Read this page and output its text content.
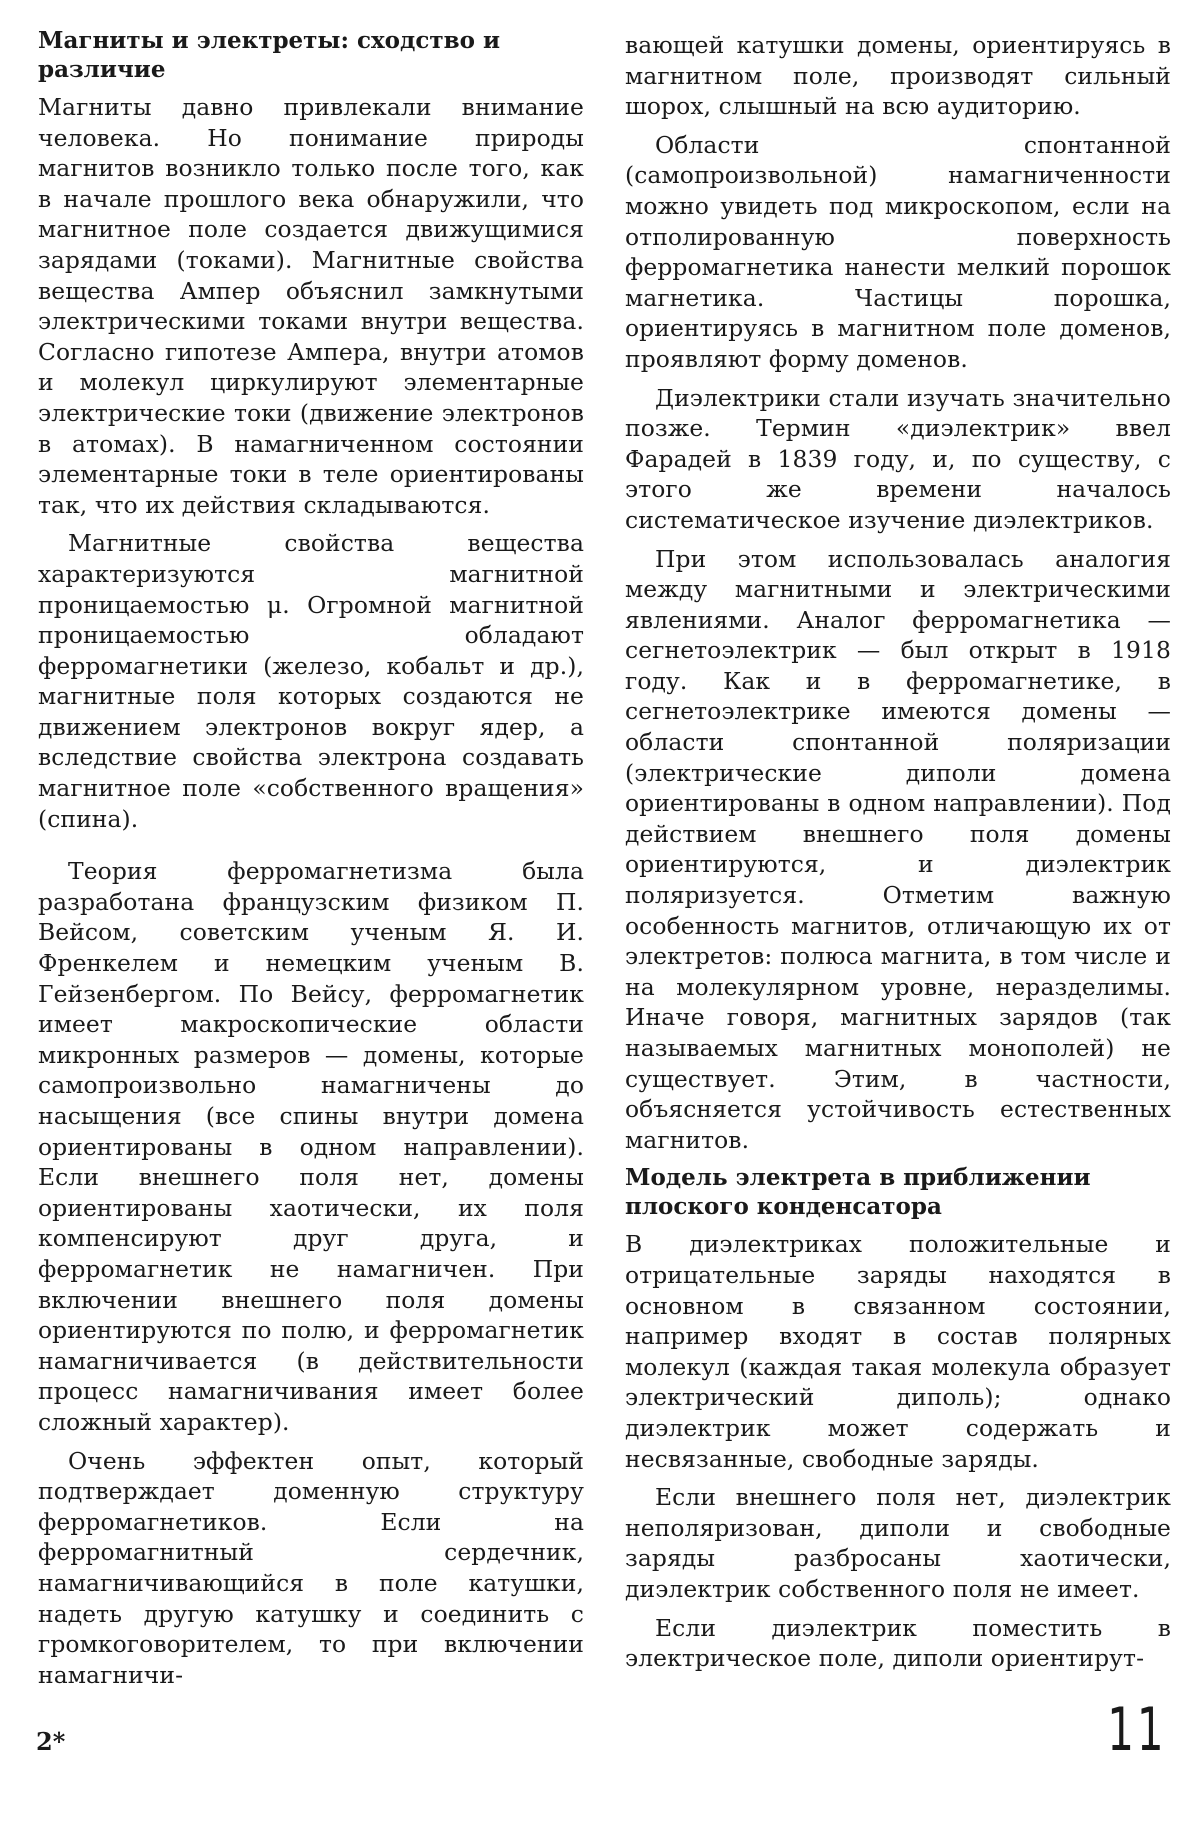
Магниты и электреты: сходство и различие
Магниты давно привлекали внимание человека. Но понимание природы магнитов возникло только после того, как в начале прошлого века обнаружили, что магнитное поле создается движущимися зарядами (токами). Магнитные свойства вещества Ампер объяснил замкнутыми электрическими токами внутри вещества. Согласно гипотезе Ампера, внутри атомов и молекул циркулируют элементарные электрические токи (движение электронов в атомах). В намагниченном состоянии элементарные токи в теле ориентированы так, что их действия складываются.
Магнитные свойства вещества характеризуются магнитной проницаемостью μ. Огромной магнитной проницаемостью обладают ферромагнетики (железо, кобальт и др.), магнитные поля которых создаются не движением электронов вокруг ядер, а вследствие свойства электрона создавать магнитное поле «собственного вращения» (спина).
Теория ферромагнетизма была разработана французским физиком П. Вейсом, советским ученым Я. И. Френкелем и немецким ученым В. Гейзенбергом. По Вейсу, ферромагнетик имеет макроскопические области микронных размеров — домены, которые самопроизвольно намагничены до насыщения (все спины внутри домена ориентированы в одном направлении). Если внешнего поля нет, домены ориентированы хаотически, их поля компенсируют друг друга, и ферромагнетик не намагничен. При включении внешнего поля домены ориентируются по полю, и ферромагнетик намагничивается (в действительности процесс намагничивания имеет более сложный характер).
Очень эффектен опыт, который подтверждает доменную структуру ферромагнетиков. Если на ферромагнитный сердечник, намагничивающийся в поле катушки, надеть другую катушку и соединить с громкоговорителем, то при включении намагничи-
вающей катушки домены, ориентируясь в магнитном поле, производят сильный шорох, слышный на всю аудиторию.
Области спонтанной (самопроизвольной) намагниченности можно увидеть под микроскопом, если на отполированную поверхность ферромагнетика нанести мелкий порошок магнетика. Частицы порошка, ориентируясь в магнитном поле доменов, проявляют форму доменов.
Диэлектрики стали изучать значительно позже. Термин «диэлектрик» ввел Фарадей в 1839 году, и, по существу, с этого же времени началось систематическое изучение диэлектриков.
При этом использовалась аналогия между магнитными и электрическими явлениями. Аналог ферромагнетика — сегнетоэлектрик — был открыт в 1918 году. Как и в ферромагнетике, в сегнетоэлектрике имеются домены — области спонтанной поляризации (электрические диполи домена ориентированы в одном направлении). Под действием внешнего поля домены ориентируются, и диэлектрик поляризуется. Отметим важную особенность магнитов, отличающую их от электретов: полюса магнита, в том числе и на молекулярном уровне, неразделимы. Иначе говоря, магнитных зарядов (так называемых магнитных монополей) не существует. Этим, в частности, объясняется устойчивость естественных магнитов.
Модель электрета в приближении плоского конденсатора
В диэлектриках положительные и отрицательные заряды находятся в основном в связанном состоянии, например входят в состав полярных молекул (каждая такая молекула образует электрический диполь); однако диэлектрик может содержать и несвязанные, свободные заряды.
Если внешнего поля нет, диэлектрик неполяризован, диполи и свободные заряды разбросаны хаотически, диэлектрик собственного поля не имеет.
Если диэлектрик поместить в электрическое поле, диполи ориентирут-
2*	11
